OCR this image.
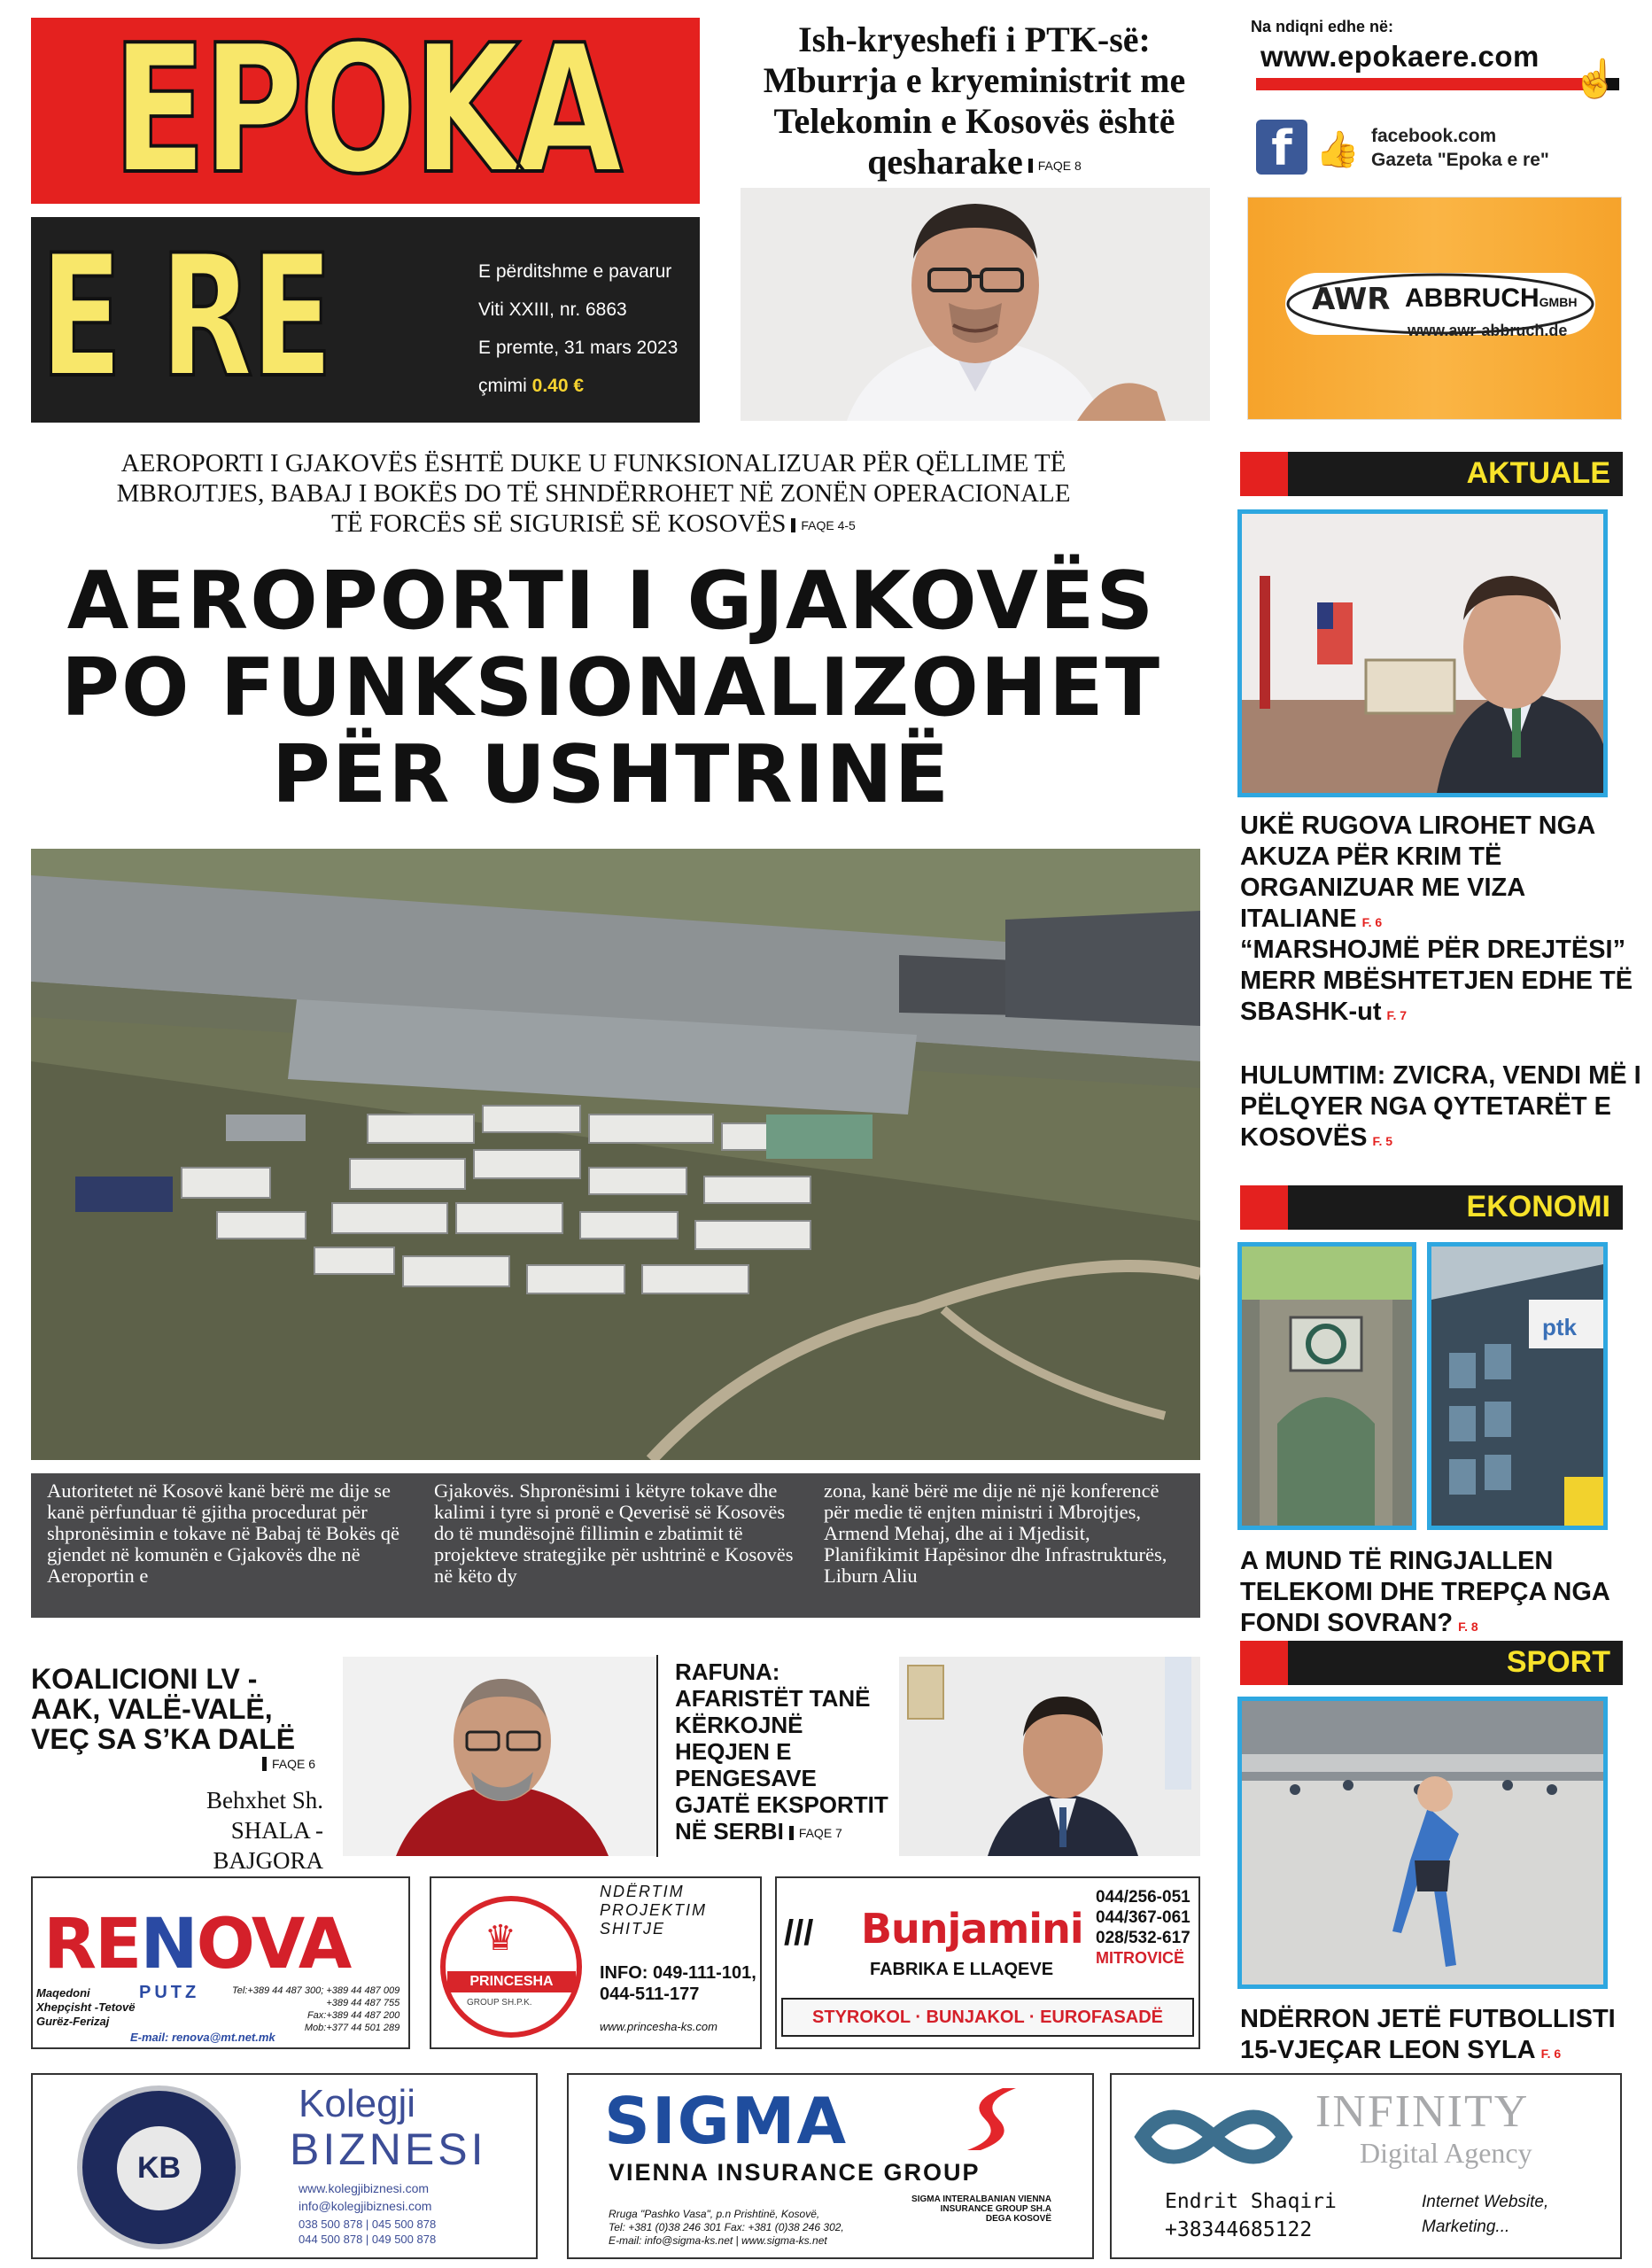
EPOKA
E RE	E përditshme e pavarur
Viti XXIII, nr. 6863
E premte, 31 mars 2023
çmimi 0.40 €
Ish-kryeshefi i PTK-së: Mburrja e kryeministrit me Telekomin e Kosovës është qesharake FAQE 8
Na ndiqni edhe në:
www.epokaere.com
☝
f 👍 facebook.com
Gazeta "Epoka e re"
AWR ABBRUCHGMBH
www.awr-abbruch.de
AEROPORTI I GJAKOVËS ËSHTË DUKE U FUNKSIONALIZUAR PËR QËLLIME TË MBROJTJES, BABAJ I BOKËS DO TË SHNDËRROHET NË ZONËN OPERACIONALE TË FORCËS SË SIGURISË SË KOSOVËS FAQE 4-5
AEROPORTI I GJAKOVËS
PO FUNKSIONALIZOHET
PËR USHTRINË
Autoritetet në Kosovë kanë bërë me dije se kanë përfunduar të gjitha procedurat për shpronësimin e tokave në Babaj të Bokës që gjendet në komunën e Gjakovës dhe në Aeroportin e
Gjakovës. Shpronësimi i këtyre tokave dhe kalimi i tyre si pronë e Qeverisë së Kosovës do të mundësojnë fillimin e zbatimit të projekteve strategjike për ushtrinë e Kosovës në këto dy
zona, kanë bërë me dije në një konferencë për medie të enjten ministri i Mbrojtjes, Armend Mehaj, dhe ai i Mjedisit, Planifikimit Hapësinor dhe Infrastrukturës, Liburn Aliu
AKTUALE
UKË RUGOVA LIROHET NGA AKUZA PËR KRIM TË ORGANIZUAR ME VIZA ITALIANE F. 6
“MARSHOJMË PËR DREJTËSI” MERR MBËSHTETJEN EDHE TË SBASHK-ut F. 7
HULUMTIM: ZVICRA, VENDI MË I PËLQYER NGA QYTETARËT E KOSOVËS F. 5
EKONOMI
ptk
A MUND TË RINGJALLEN TELEKOMI DHE TREPÇA NGA FONDI SOVRAN? F. 8
SPORT
NDËRRON JETË FUTBOLLISTI 15-VJEÇAR LEON SYLA F. 6
KOALICIONI LV - AAK, VALË-VALË, VEÇ SA S’KA DALË
FAQE 6
Behxhet Sh.
SHALA - BAJGORA
RAFUNA: AFARISTËT TANË KËRKOJNË HEQJEN E PENGESAVE GJATË EKSPORTIT NË SERBI FAQE 7
RENOVA
PUTZ
Maqedoni
Xhepçisht -Tetovë
Gurëz-Ferizaj
Tel:+389 44 487 300; +389 44 487 009
+389 44 487 755
Fax:+389 44 487 200
Mob:+377 44 501 289
E-mail: renova@mt.net.mk
♛
PRINCESHA
GROUP SH.P.K.
NDËRTIM
PROJEKTIM
SHITJE
INFO: 049-111-101,
044-511-177
www.princesha-ks.com
/// Bunjamini
FABRIKA E LLAQEVE
044/256-051
044/367-061
028/532-617
MITROVICË
STYROKOL · BUNJAKOL · EUROFASADË
KB
Kolegji
BIZNESI
www.kolegjibiznesi.com
info@kolegjibiznesi.com
038 500 878 | 045 500 878
044 500 878 | 049 500 878
SIGMA
VIENNA INSURANCE GROUP
SIGMA INTERALBANIAN VIENNA INSURANCE GROUP SH.A
DEGA KOSOVË
Rruga "Pashko Vasa", p.n Prishtinë, Kosovë,
Tel: +381 (0)38 246 301 Fax: +381 (0)38 246 302,
E-mail: info@sigma-ks.net | www.sigma-ks.net
INFINITY
Digital Agency
Endrit Shaqiri
+38344685122
Internet Website,
Marketing...
